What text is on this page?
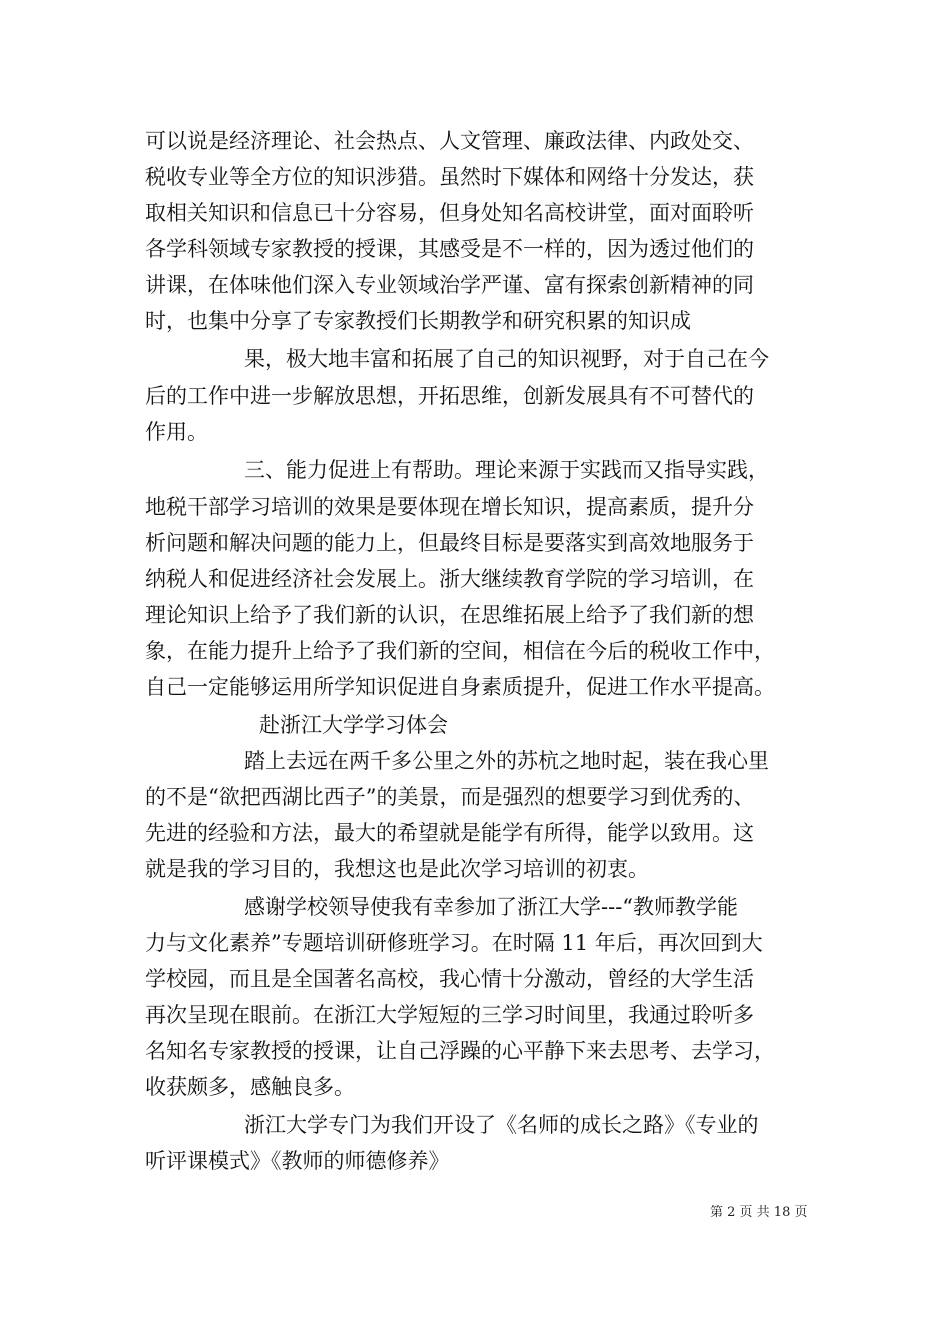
可以说是经济理论、社会热点、人文管理、廉政法律、内政处交、
税收专业等全方位的知识涉猎。虽然时下媒体和网络十分发达，获
取相关知识和信息已十分容易，但身处知名高校讲堂，面对面聆听
各学科领域专家教授的授课，其感受是不一样的，因为透过他们的
讲课，在体味他们深入专业领域治学严谨、富有探索创新精神的同
时，也集中分享了专家教授们长期教学和研究积累的知识成
果，极大地丰富和拓展了自己的知识视野，对于自己在今
后的工作中进一步解放思想，开拓思维，创新发展具有不可替代的
作用。
三、能力促进上有帮助。理论来源于实践而又指导实践，
地税干部学习培训的效果是要体现在增长知识，提高素质，提升分
析问题和解决问题的能力上，但最终目标是要落实到高效地服务于
纳税人和促进经济社会发展上。浙大继续教育学院的学习培训，在
理论知识上给予了我们新的认识，在思维拓展上给予了我们新的想
象，在能力提升上给予了我们新的空间，相信在今后的税收工作中，
自己一定能够运用所学知识促进自身素质提升，促进工作水平提高。
赴浙江大学学习体会
踏上去远在两千多公里之外的苏杭之地时起，装在我心里
的不是“欲把西湖比西子”的美景，而是强烈的想要学习到优秀的、
先进的经验和方法，最大的希望就是能学有所得，能学以致用。这
就是我的学习目的，我想这也是此次学习培训的初衷。
感谢学校领导使我有幸参加了浙江大学---“教师教学能
力与文化素养”专题培训研修班学习。在时隔 11 年后，再次回到大
学校园，而且是全国著名高校，我心情十分激动，曾经的大学生活
再次呈现在眼前。在浙江大学短短的三学习时间里，我通过聆听多
名知名专家教授的授课，让自己浮躁的心平静下来去思考、去学习，
收获颇多，感触良多。
浙江大学专门为我们开设了《名师的成长之路》《专业的
听评课模式》《教师的师德修养》
第 2 页 共 18 页
